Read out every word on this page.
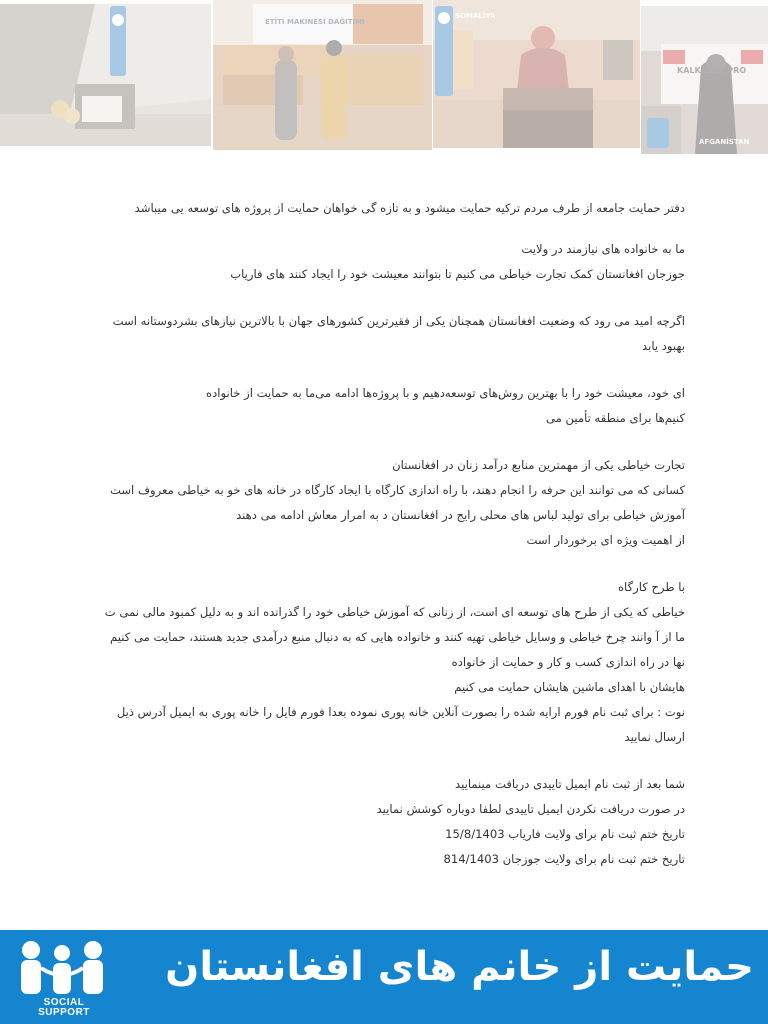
ETİTİ MAKİNESİ DAĞITIMI
SOMALİYA
KALKINMA PRO
AFGANİSTAN

دفتر حمایت جامعه از طرف مردم ترکیه حمایت میشود و به تازه گی خواهان حمایت از پروژه های توسعه یی میباشد

ما به خانواده های نیازمند در ولایت

جوزجان افغانستان کمک تجارت خیاطی می کنیم تا بتوانند معیشت خود را ایجاد کنند های فاریاب

اگرچه امید می رود که وضعیت افغانستان همچنان یکی از فقیرترین کشورهای جهان با بالاترین نیازهای بشردوستانه است

بهبود یابد

ای خود، معیشت خود را با بهترین روش‌های توسعه‌دهیم و با پروژه‌ها ادامه می‌ما به حمایت از خانواده

کنیم‌ها برای منطقه تأمین می

تجارت خیاطی یکی از مهمترین منابع درآمد زنان در افغانستان

کسانی که می توانند این حرفه را انجام دهند، با راه اندازی کارگاه با ایجاد کارگاه در خانه های خو به خیاطی معروف است

آموزش خیاطی برای تولید لباس های محلی رایج در افغانستان د به امرار معاش ادامه می دهند

از اهمیت ویژه ای برخوردار است

با طرح کارگاه

خیاطی که یکی از طرح های توسعه ای است، از زنانی که آموزش خیاطی خود را گذرانده اند و به دلیل کمبود مالی نمی ت

ما از آ وانند چرخ خیاطی و وسایل خیاطی تهیه کنند و خانواده هایی که به دنبال منبع درآمدی جدید هستند، حمایت می کنیم

نها در راه اندازی کسب و کار و حمایت از خانواده

هایشان با اهدای ماشین هایشان حمایت می کنیم

نوت : برای ثبت نام فورم ارایه شده را بصورت آنلاین خانه پوری نموده بعدا فورم فایل را خانه پوری به ایمیل آدرس ذیل

ارسال نمایید

شما بعد از ثبت نام ایمیل تاییدی دریافت مینمایید

در صورت دریافت نکردن ایمیل تاییدی لطفا دوباره کوشش نمایید

تاریخ ختم ثبت نام برای ولایت فاریاب 15/8/1403

تاریخ ختم ثبت نام برای ولایت جوزجان 814/1403

SOCIAL
SUPPORT
حمایت از خانم های افغانستان
